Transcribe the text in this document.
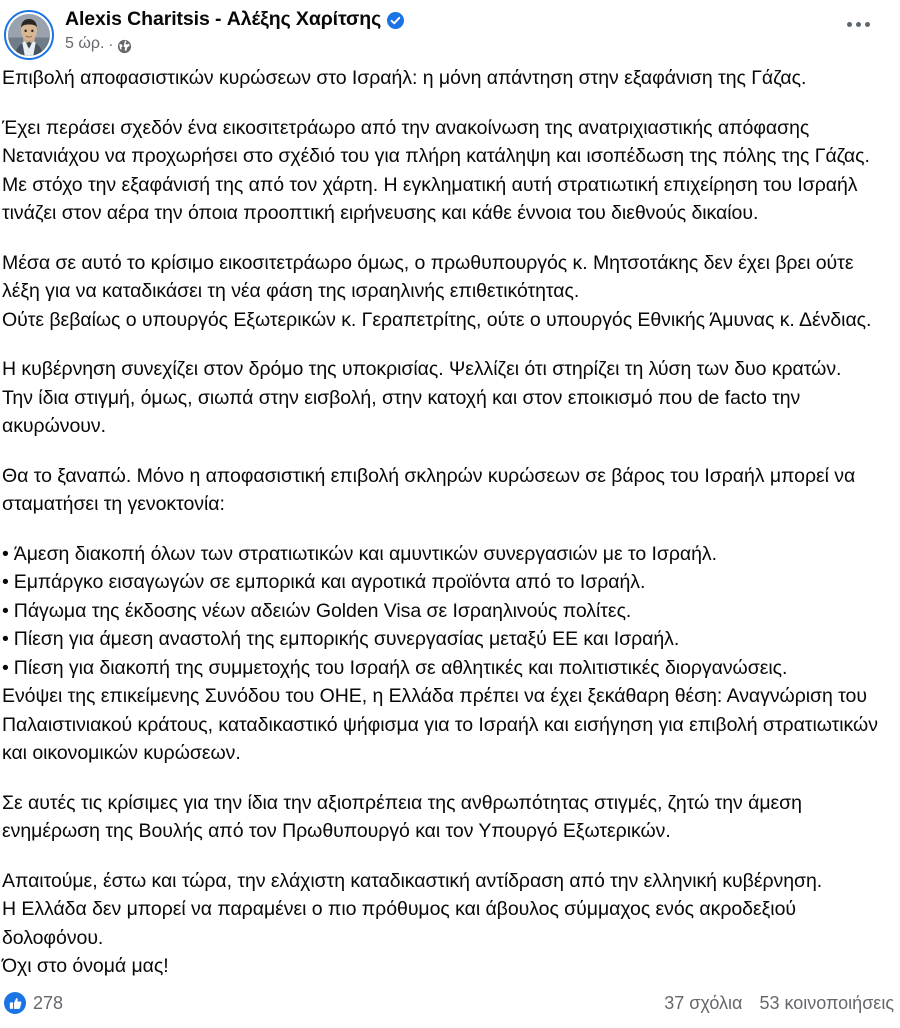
Alexis Charitsis - Αλέξης Χαρίτσης
5 ώρ. ·

Επιβολή αποφασιστικών κυρώσεων στο Ισραήλ: η μόνη απάντηση στην εξαφάνιση της Γάζας.

Έχει περάσει σχεδόν ένα εικοσιτετράωρο από την ανακοίνωση της ανατριχιαστικής απόφασης Νετανιάχου να προχωρήσει στο σχέδιό του για πλήρη κατάληψη και ισοπέδωση της πόλης της Γάζας. Με στόχο την εξαφάνισή της από τον χάρτη. Η εγκληματική αυτή στρατιωτική επιχείρηση του Ισραήλ τινάζει στον αέρα την όποια προοπτική ειρήνευσης και κάθε έννοια του διεθνούς δικαίου.

Μέσα σε αυτό το κρίσιμο εικοσιτετράωρο όμως, ο πρωθυπουργός κ. Μητσοτάκης δεν έχει βρει ούτε λέξη για να καταδικάσει τη νέα φάση της ισραηλινής επιθετικότητας.

Ούτε βεβαίως ο υπουργός Εξωτερικών κ. Γεραπετρίτης, ούτε ο υπουργός Εθνικής Άμυνας κ. Δένδιας.

Η κυβέρνηση συνεχίζει στον δρόμο της υποκρισίας. Ψελλίζει ότι στηρίζει τη λύση των δυο κρατών.

Την ίδια στιγμή, όμως, σιωπά στην εισβολή, στην κατοχή και στον εποικισμό που de facto την ακυρώνουν.

Θα το ξαναπώ. Μόνο η αποφασιστική επιβολή σκληρών κυρώσεων σε βάρος του Ισραήλ μπορεί να σταματήσει τη γενοκτονία:

• Άμεση διακοπή όλων των στρατιωτικών και αμυντικών συνεργασιών με το Ισραήλ.
• Εμπάργκο εισαγωγών σε εμπορικά και αγροτικά προϊόντα από το Ισραήλ.
• Πάγωμα της έκδοσης νέων αδειών Golden Visa σε Ισραηλινούς πολίτες.
• Πίεση για άμεση αναστολή της εμπορικής συνεργασίας μεταξύ ΕΕ και Ισραήλ.
• Πίεση για διακοπή της συμμετοχής του Ισραήλ σε αθλητικές και πολιτιστικές διοργανώσεις.

Ενόψει της επικείμενης Συνόδου του ΟΗΕ, η Ελλάδα πρέπει να έχει ξεκάθαρη θέση: Αναγνώριση του Παλαιστινιακού κράτους, καταδικαστικό ψήφισμα για το Ισραήλ και εισήγηση για επιβολή στρατιωτικών και οικονομικών κυρώσεων.

Σε αυτές τις κρίσιμες για την ίδια την αξιοπρέπεια της ανθρωπότητας στιγμές, ζητώ την άμεση ενημέρωση της Βουλής από τον Πρωθυπουργό και τον Υπουργό Εξωτερικών.

Απαιτούμε, έστω και τώρα, την ελάχιστη καταδικαστική αντίδραση από την ελληνική κυβέρνηση.

Η Ελλάδα δεν μπορεί να παραμένει ο πιο πρόθυμος και άβουλος σύμμαχος ενός ακροδεξιού δολοφόνου.

Όχι στο όνομά μας!

278	37 σχόλια 53 κοινοποιήσεις
